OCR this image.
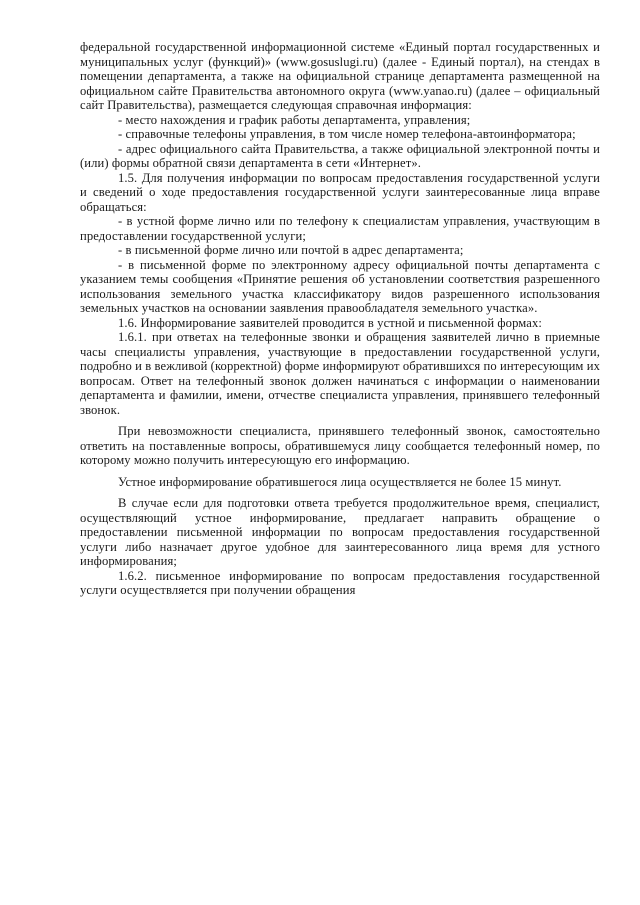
федеральной государственной информационной системе «Единый портал государственных и муниципальных услуг (функций)» (www.gosuslugi.ru) (далее - Единый портал), на стендах в помещении департамента, а также на официальной странице департамента размещенной на официальном сайте Правительства автономного округа (www.yanao.ru) (далее – официальный сайт Правительства), размещается следующая справочная информация:

- место нахождения и график работы департамента, управления;

- справочные телефоны управления, в том числе номер телефона-автоинформатора;

- адрес официального сайта Правительства, а также официальной электронной почты и (или) формы обратной связи департамента в сети «Интернет».

1.5. Для получения информации по вопросам предоставления государственной услуги и сведений о ходе предоставления государственной услуги заинтересованные лица вправе обращаться:

- в устной форме лично или по телефону к специалистам управления, участвующим в предоставлении государственной услуги;

- в письменной форме лично или почтой в адрес департамента;

- в письменной форме по электронному адресу официальной почты департамента с указанием темы сообщения «Принятие решения об установлении соответствия разрешенного использования земельного участка классификатору видов разрешенного использования земельных участков на основании заявления правообладателя земельного участка».

1.6. Информирование заявителей проводится в устной и письменной формах:

1.6.1. при ответах на телефонные звонки и обращения заявителей лично в приемные часы специалисты управления, участвующие в предоставлении государственной услуги, подробно и в вежливой (корректной) форме информируют обратившихся по интересующим их вопросам. Ответ на телефонный звонок должен начинаться с информации о наименовании департамента и фамилии, имени, отчестве специалиста управления, принявшего телефонный звонок.

При невозможности специалиста, принявшего телефонный звонок, самостоятельно ответить на поставленные вопросы, обратившемуся лицу сообщается телефонный номер, по которому можно получить интересующую его информацию.

Устное информирование обратившегося лица осуществляется не более 15 минут.

В случае если для подготовки ответа требуется продолжительное время, специалист, осуществляющий устное информирование, предлагает направить обращение о предоставлении письменной информации по вопросам предоставления государственной услуги либо назначает другое удобное для заинтересованного лица время для устного информирования;

1.6.2. письменное информирование по вопросам предоставления государственной услуги осуществляется при получении обращения
